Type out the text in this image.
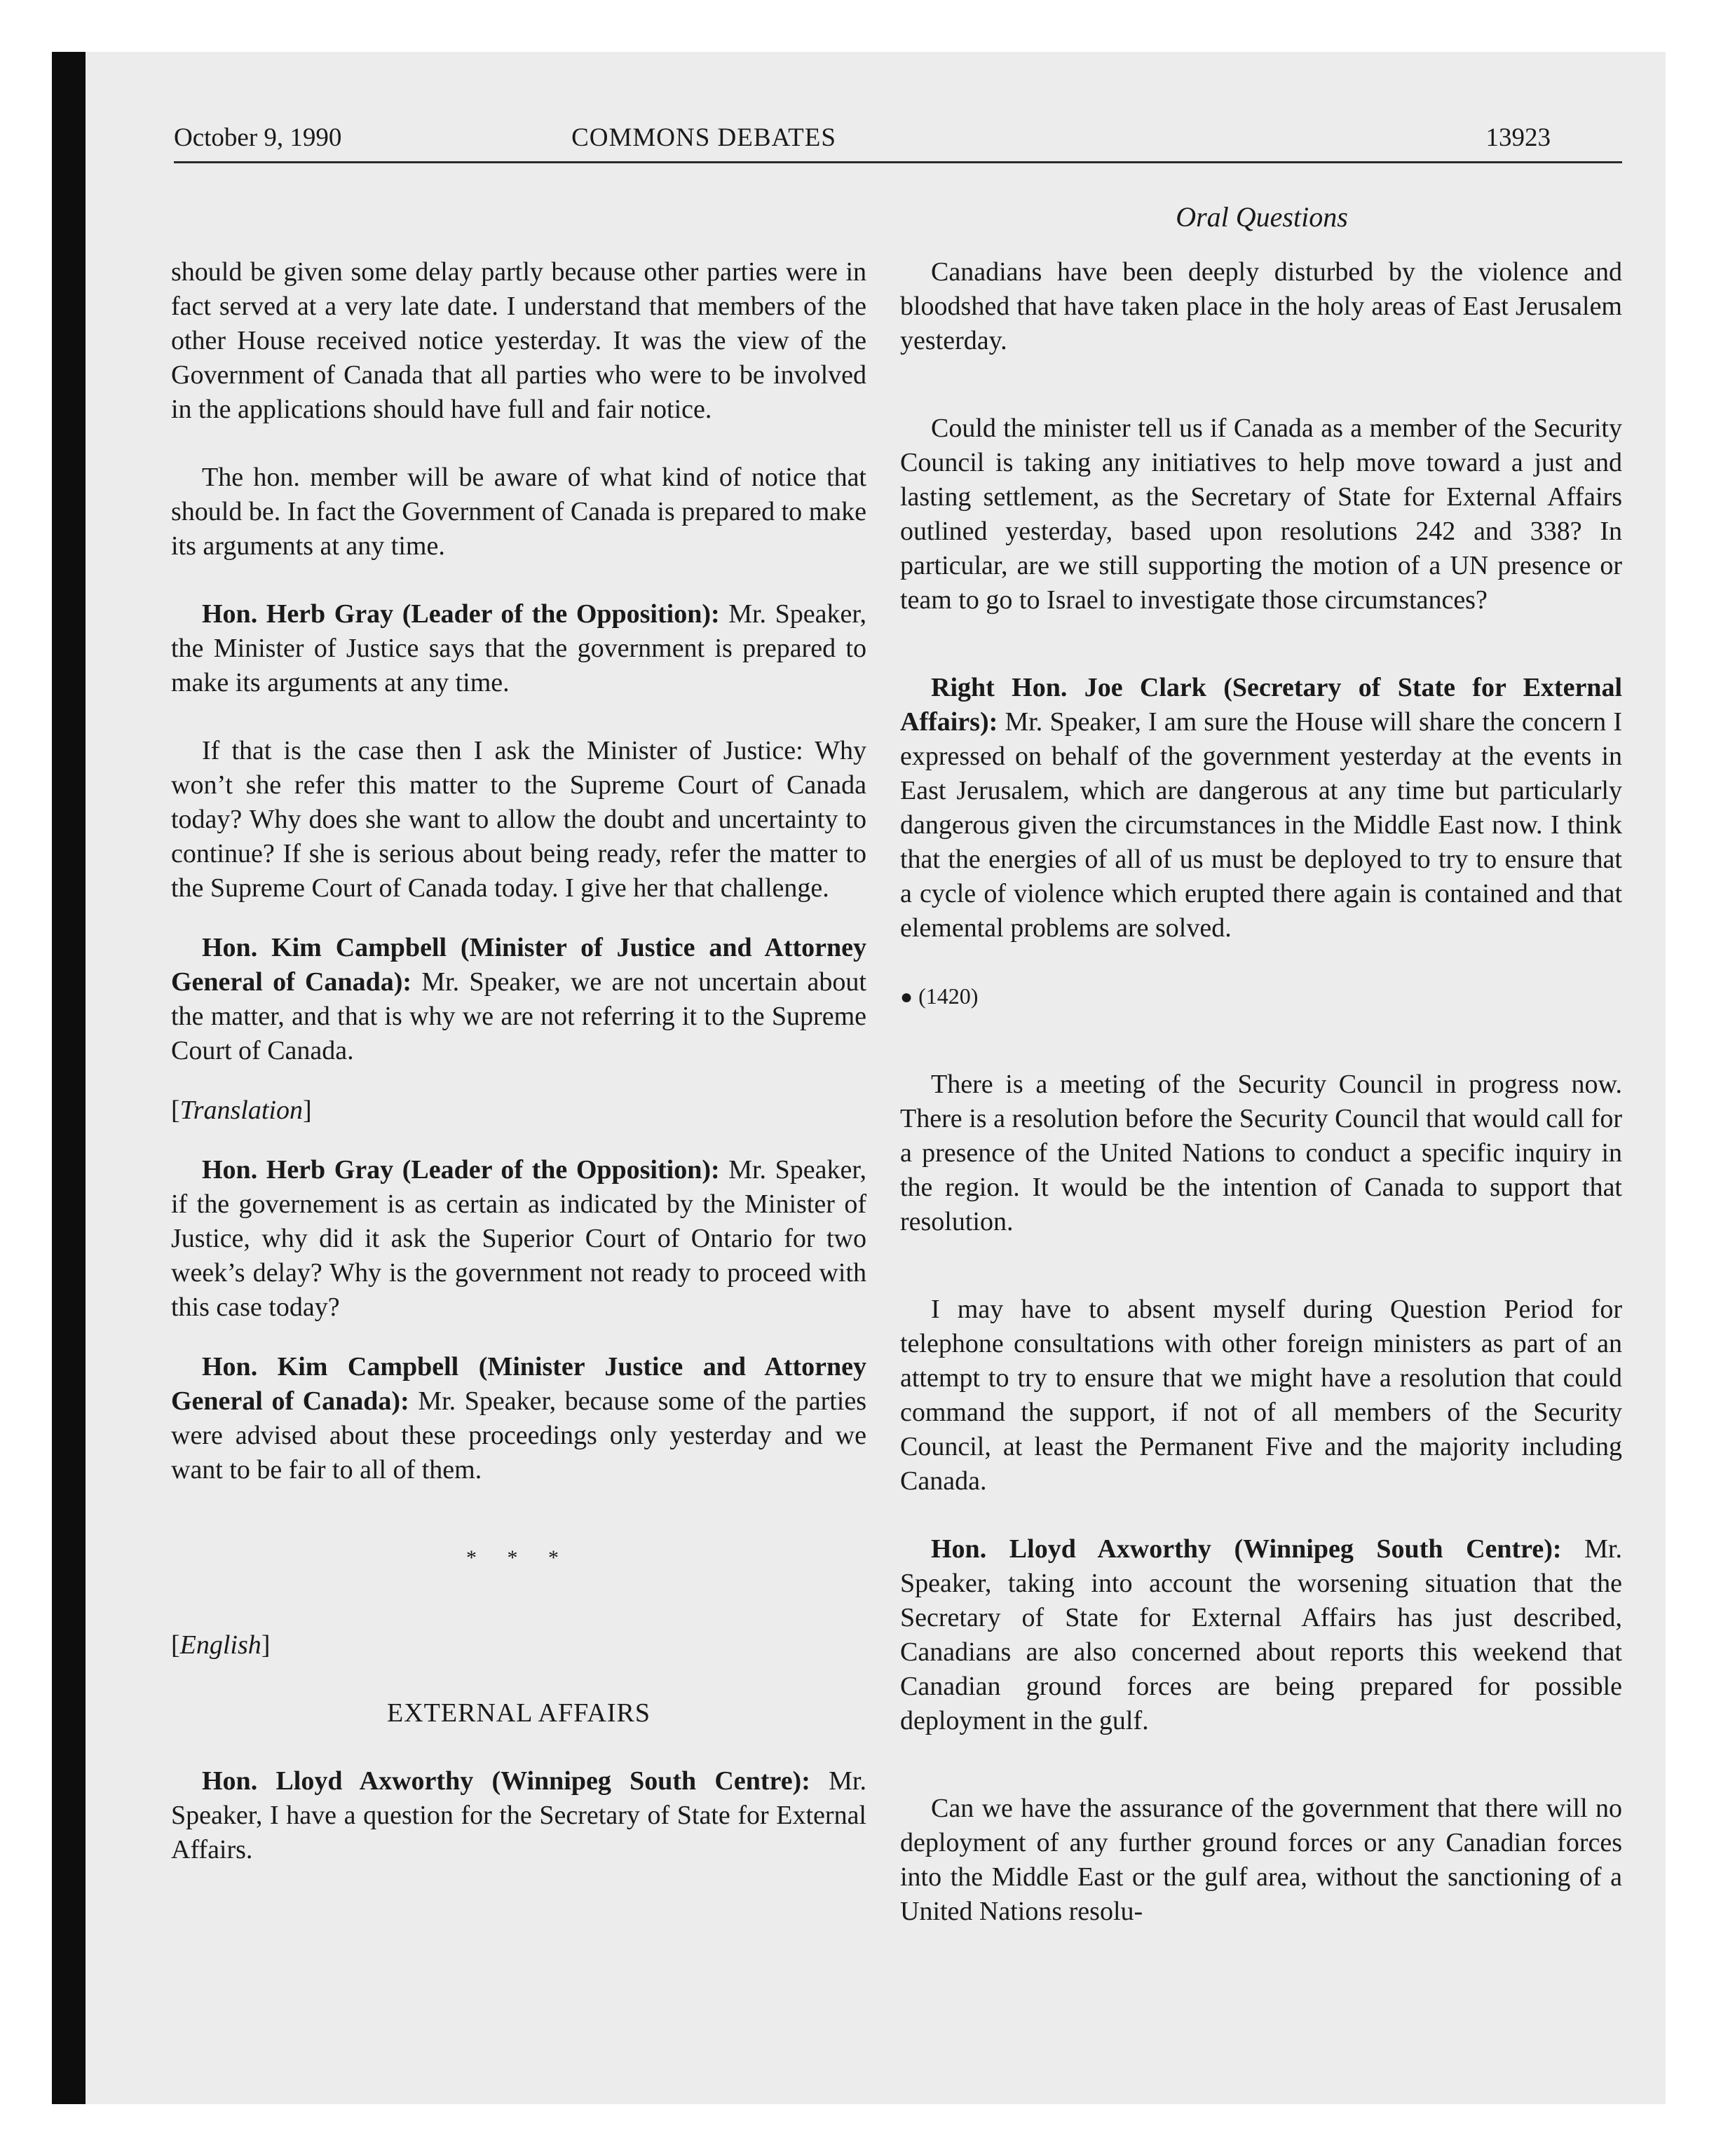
October 9, 1990	COMMONS DEBATES	13923
Oral Questions

should be given some delay partly because other parties were in fact served at a very late date. I understand that members of the other House received notice yesterday. It was the view of the Government of Canada that all parties who were to be involved in the applications should have full and fair notice.

The hon. member will be aware of what kind of notice that should be. In fact the Government of Canada is prepared to make its arguments at any time.

Hon. Herb Gray (Leader of the Opposition): Mr. Speaker, the Minister of Justice says that the government is prepared to make its arguments at any time.

If that is the case then I ask the Minister of Justice: Why won’t she refer this matter to the Supreme Court of Canada today? Why does she want to allow the doubt and uncertainty to continue? If she is serious about being ready, refer the matter to the Supreme Court of Canada today. I give her that challenge.

Hon. Kim Campbell (Minister of Justice and Attorney General of Canada): Mr. Speaker, we are not uncertain about the matter, and that is why we are not referring it to the Supreme Court of Canada.

[Translation]

Hon. Herb Gray (Leader of the Opposition): Mr. Speaker, if the governement is as certain as indicated by the Minister of Justice, why did it ask the Superior Court of Ontario for two week’s delay? Why is the government not ready to proceed with this case today?

Hon. Kim Campbell (Minister Justice and Attorney General of Canada): Mr. Speaker, because some of the parties were advised about these proceedings only yesterday and we want to be fair to all of them.

* * *

[English]

EXTERNAL AFFAIRS

Hon. Lloyd Axworthy (Winnipeg South Centre): Mr. Speaker, I have a question for the Secretary of State for External Affairs.

Canadians have been deeply disturbed by the violence and bloodshed that have taken place in the holy areas of East Jerusalem yesterday.

Could the minister tell us if Canada as a member of the Security Council is taking any initiatives to help move toward a just and lasting settlement, as the Secretary of State for External Affairs outlined yesterday, based upon resolutions 242 and 338? In particular, are we still supporting the motion of a UN presence or team to go to Israel to investigate those circumstances?

Right Hon. Joe Clark (Secretary of State for External Affairs): Mr. Speaker, I am sure the House will share the concern I expressed on behalf of the government yesterday at the events in East Jerusalem, which are dangerous at any time but particularly dangerous given the circumstances in the Middle East now. I think that the energies of all of us must be deployed to try to ensure that a cycle of violence which erupted there again is contained and that elemental problems are solved.

● (1420)

There is a meeting of the Security Council in progress now. There is a resolution before the Security Council that would call for a presence of the United Nations to conduct a specific inquiry in the region. It would be the intention of Canada to support that resolution.

I may have to absent myself during Question Period for telephone consultations with other foreign ministers as part of an attempt to try to ensure that we might have a resolution that could command the support, if not of all members of the Security Council, at least the Permanent Five and the majority including Canada.

Hon. Lloyd Axworthy (Winnipeg South Centre): Mr. Speaker, taking into account the worsening situation that the Secretary of State for External Affairs has just described, Canadians are also concerned about reports this weekend that Canadian ground forces are being prepared for possible deployment in the gulf.

Can we have the assurance of the government that there will no deployment of any further ground forces or any Canadian forces into the Middle East or the gulf area, without the sanctioning of a United Nations resolu-
